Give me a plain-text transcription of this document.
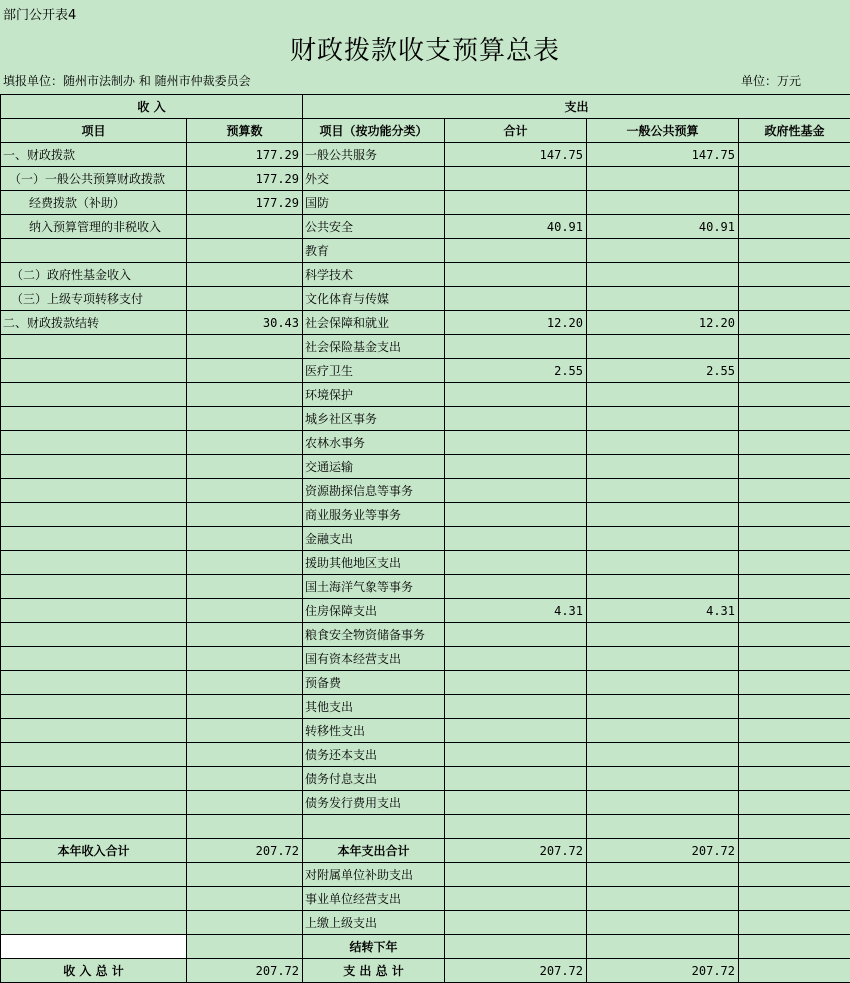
部门公开表4
财政拨款收支预算总表
填报单位：随州市法制办 和 随州市仲裁委员会	单位：万元
收 入		支出			
项目	预算数	项目（按功能分类）	合计	一般公共预算	政府性基金
一、财政拨款	177.29	一般公共服务	147.75	147.75	
（一）一般公共预算财政拨款	177.29	外交			
经费拨款（补助）	177.29	国防			
纳入预算管理的非税收入		公共安全	40.91	40.91	
		教育			
（二）政府性基金收入		科学技术			
（三）上级专项转移支付		文化体育与传媒			
二、财政拨款结转	30.43	社会保障和就业	12.20	12.20	
		社会保险基金支出			
		医疗卫生	2.55	2.55	
		环境保护			
		城乡社区事务			
		农林水事务			
		交通运输			
		资源勘探信息等事务			
		商业服务业等事务			
		金融支出			
		援助其他地区支出			
		国土海洋气象等事务			
		住房保障支出	4.31	4.31	
		粮食安全物资储备事务			
		国有资本经营支出			
		预备费			
		其他支出			
		转移性支出			
		债务还本支出			
		债务付息支出			
		债务发行费用支出			

本年收入合计	207.72	本年支出合计	207.72	207.72	
		对附属单位补助支出			
		事业单位经营支出			
		上缴上级支出			
		结转下年			
收 入 总 计	207.72	支 出 总 计	207.72	207.72	
